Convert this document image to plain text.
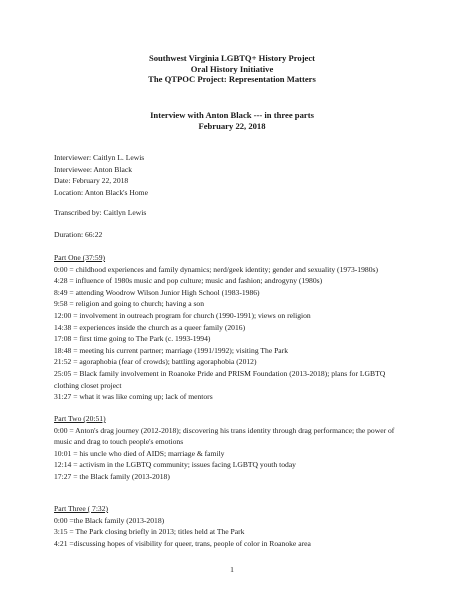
Southwest Virginia LGBTQ+ History Project
Oral History Initiative
The QTPOC Project: Representation Matters
Interview with Anton Black --- in three parts
February 22, 2018
Interviewer: Caitlyn L. Lewis
Interviewee: Anton Black
Date: February 22, 2018
Location: Anton Black's Home
Transcribed by: Caitlyn Lewis
Duration: 66:22
Part One (37:59)

0:00 = childhood experiences and family dynamics; nerd/geek identity; gender and sexuality (1973-1980s)

4:28 = influence of 1980s music and pop culture; music and fashion; androgyny (1980s)

8:49 = attending Woodrow Wilson Junior High School (1983-1986)

9:58 = religion and going to church; having a son

12:00 = involvement in outreach program for church (1990-1991); views on religion

14:38 = experiences inside the church as a queer family (2016)

17:08 = first time going to The Park (c. 1993-1994)

18:48 = meeting his current partner; marriage (1991/1992); visiting The Park

21:52 = agoraphobia (fear of crowds); battling agoraphobia (2012)

25:05 = Black family involvement in Roanoke Pride and PRISM Foundation (2013-2018); plans for LGBTQ clothing closet project

31:27 = what it was like coming up; lack of mentors

Part Two (20:51)

0:00 = Anton's drag journey (2012-2018); discovering his trans identity through drag performance; the power of music and drag to touch people's emotions

10:01 = his uncle who died of AIDS; marriage & family

12:14 = activism in the LGBTQ community; issues facing LGBTQ youth today

17:27 = the Black family (2013-2018)

Part Three ( 7:32)

0:00 =the Black family (2013-2018)

3:15 = The Park closing briefly in 2013; titles held at The Park

4:21 =discussing hopes of visibility for queer, trans, people of color in Roanoke area

1
